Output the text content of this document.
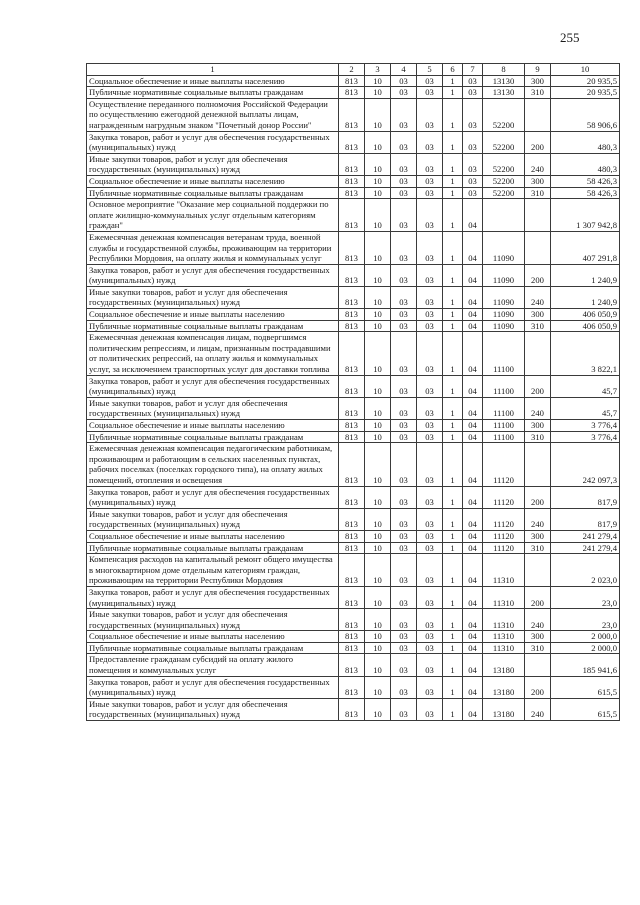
255
1	2	3	4	5	6	7	8	9	10
Социальное обеспечение и иные выплаты населению	813	10	03	03	1	03	13130	300	20 935,5
Публичные нормативные социальные выплаты гражданам	813	10	03	03	1	03	13130	310	20 935,5
Осуществление переданного полномочия Российской Федерации по осуществлению ежегодной денежной выплаты лицам, награжденным нагрудным знаком "Почетный донор России"	813	10	03	03	1	03	52200		58 906,6
Закупка товаров, работ и услуг для обеспечения государственных (муниципальных) нужд	813	10	03	03	1	03	52200	200	480,3
Иные закупки товаров, работ и услуг для обеспечения государственных (муниципальных) нужд	813	10	03	03	1	03	52200	240	480,3
Социальное обеспечение и иные выплаты населению	813	10	03	03	1	03	52200	300	58 426,3
Публичные нормативные социальные выплаты гражданам	813	10	03	03	1	03	52200	310	58 426,3
Основное мероприятие "Оказание мер социальной поддержки по оплате жилищно-коммунальных услуг отдельным категориям граждан"	813	10	03	03	1	04			1 307 942,8
Ежемесячная денежная компенсация ветеранам труда, военной службы и государственной службы, проживающим на территории Республики Мордовия, на оплату жилья и коммунальных услуг	813	10	03	03	1	04	11090		407 291,8
Закупка товаров, работ и услуг для обеспечения государственных (муниципальных) нужд	813	10	03	03	1	04	11090	200	1 240,9
Иные закупки товаров, работ и услуг для обеспечения государственных (муниципальных) нужд	813	10	03	03	1	04	11090	240	1 240,9
Социальное обеспечение и иные выплаты населению	813	10	03	03	1	04	11090	300	406 050,9
Публичные нормативные социальные выплаты гражданам	813	10	03	03	1	04	11090	310	406 050,9
Ежемесячная денежная компенсация лицам, подвергшимся политическим репрессиям, и лицам, признанным пострадавшими от политических репрессий, на оплату жилья и коммунальных услуг, за исключением транспортных услуг для доставки топлива	813	10	03	03	1	04	11100		3 822,1
Закупка товаров, работ и услуг для обеспечения государственных (муниципальных) нужд	813	10	03	03	1	04	11100	200	45,7
Иные закупки товаров, работ и услуг для обеспечения государственных (муниципальных) нужд	813	10	03	03	1	04	11100	240	45,7
Социальное обеспечение и иные выплаты населению	813	10	03	03	1	04	11100	300	3 776,4
Публичные нормативные социальные выплаты гражданам	813	10	03	03	1	04	11100	310	3 776,4
Ежемесячная денежная компенсация педагогическим работникам, проживающим и работающим в сельских населенных пунктах, рабочих поселках (поселках городского типа), на оплату жилых помещений, отопления и освещения	813	10	03	03	1	04	11120		242 097,3
Закупка товаров, работ и услуг для обеспечения государственных (муниципальных) нужд	813	10	03	03	1	04	11120	200	817,9
Иные закупки товаров, работ и услуг для обеспечения государственных (муниципальных) нужд	813	10	03	03	1	04	11120	240	817,9
Социальное обеспечение и иные выплаты населению	813	10	03	03	1	04	11120	300	241 279,4
Публичные нормативные социальные выплаты гражданам	813	10	03	03	1	04	11120	310	241 279,4
Компенсация расходов на капитальный ремонт общего имущества в многоквартирном доме отдельным категориям граждан, проживающим на территории Республики Мордовия	813	10	03	03	1	04	11310		2 023,0
Закупка товаров, работ и услуг для обеспечения государственных (муниципальных) нужд	813	10	03	03	1	04	11310	200	23,0
Иные закупки товаров, работ и услуг для обеспечения государственных (муниципальных) нужд	813	10	03	03	1	04	11310	240	23,0
Социальное обеспечение и иные выплаты населению	813	10	03	03	1	04	11310	300	2 000,0
Публичные нормативные социальные выплаты гражданам	813	10	03	03	1	04	11310	310	2 000,0
Предоставление гражданам субсидий на оплату жилого помещения и коммунальных услуг	813	10	03	03	1	04	13180		185 941,6
Закупка товаров, работ и услуг для обеспечения государственных (муниципальных) нужд	813	10	03	03	1	04	13180	200	615,5
Иные закупки товаров, работ и услуг для обеспечения государственных (муниципальных) нужд	813	10	03	03	1	04	13180	240	615,5
